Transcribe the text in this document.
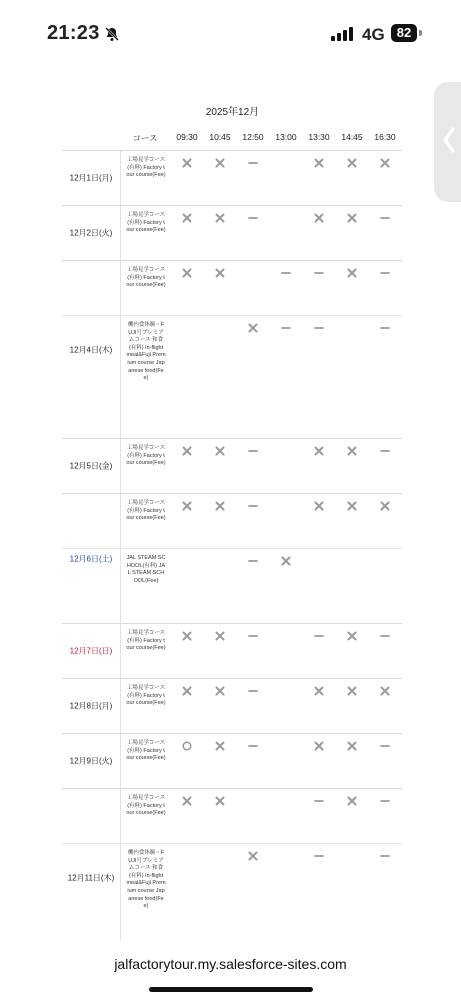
21:23	4G 82
2025年12月
コース 09:30 10:45 12:50 13:00 13:30 14:45 16:30
工場見学コース(有料) Factory tour course(Fee)
12月1日(月)
工場見学コース(有料) Factory tour course(Fee)
12月2日(火)
工場見学コース(有料) Factory tour course(Fee)
機内食体験・FUJI号プレミアムコース 和食(有料) In-flight meal&Fuji Premium course Japanese food(Fee)
12月4日(木)
工場見学コース(有料) Factory tour course(Fee)
12月5日(金)
工場見学コース(有料) Factory tour course(Fee)
JAL STEAM SCHOOL(有料) JAL STEAM SCHOOL(Fee)
12月6日(土)
工場見学コース(有料) Factory tour course(Fee)
12月7日(日)
工場見学コース(有料) Factory tour course(Fee)
12月8日(月)
工場見学コース(有料) Factory tour course(Fee)
12月9日(火)
工場見学コース(有料) Factory tour course(Fee)
機内食体験・FUJI号プレミアムコース 和食(有料) In-flight meal&Fuji Premium course Japanese food(Fee)
12月11日(木)
jalfactorytour.my.salesforce-sites.com
